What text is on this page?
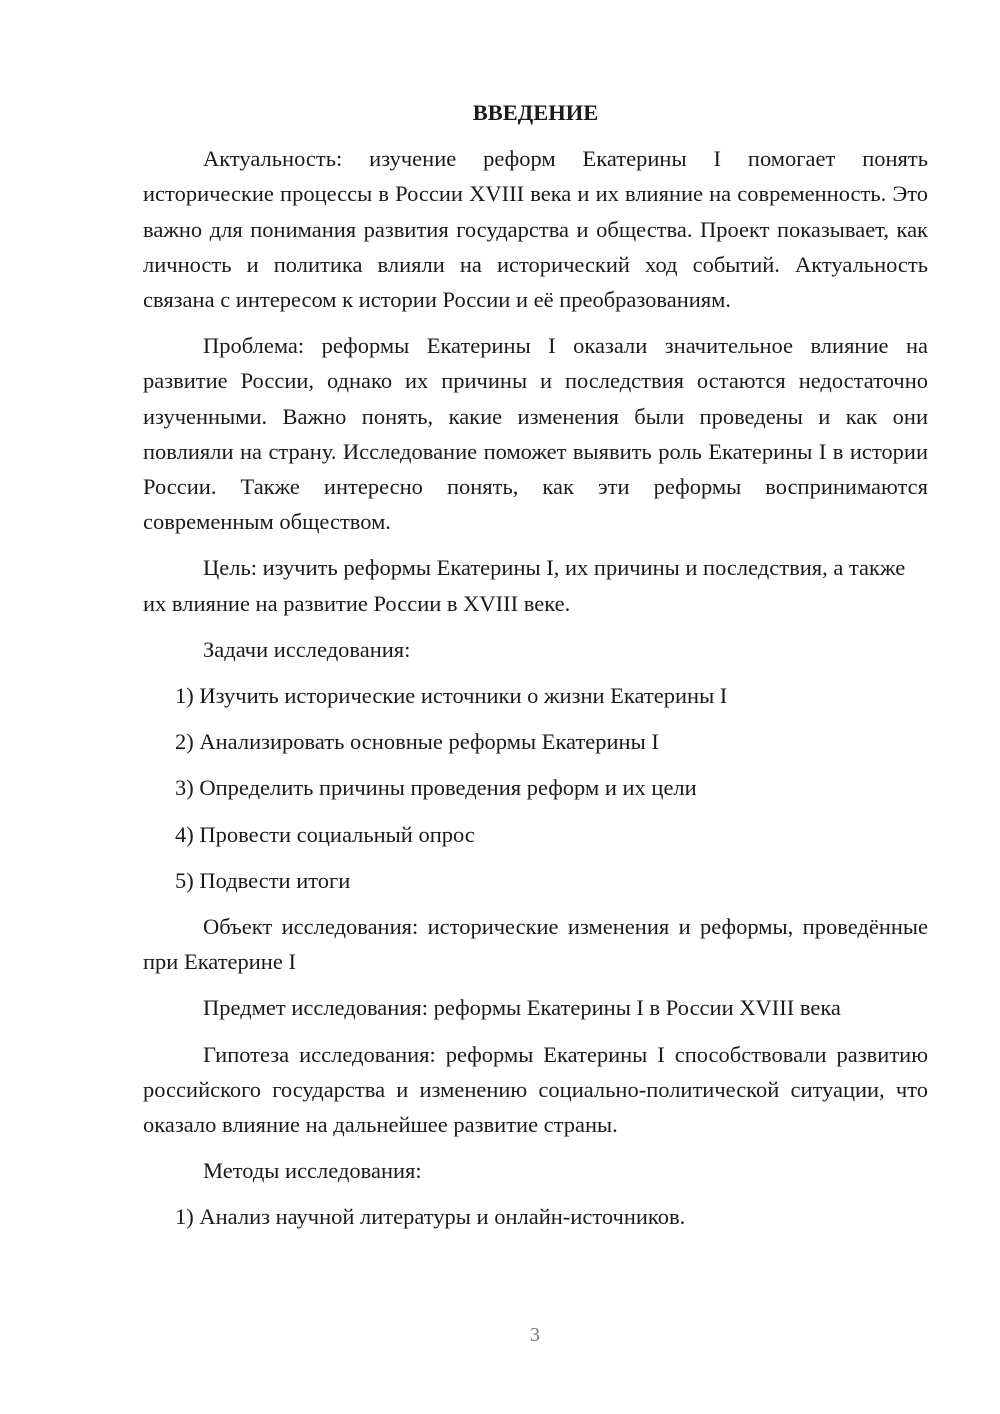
ВВЕДЕНИЕ

Актуальность: изучение реформ Екатерины I помогает понять исторические процессы в России XVIII века и их влияние на современность. Это важно для понимания развития государства и общества. Проект показывает, как личность и политика влияли на исторический ход событий. Актуальность связана с интересом к истории России и её преобразованиям.

Проблема: реформы Екатерины I оказали значительное влияние на развитие России, однако их причины и последствия остаются недостаточно изученными. Важно понять, какие изменения были проведены и как они повлияли на страну. Исследование поможет выявить роль Екатерины I в истории России. Также интересно понять, как эти реформы воспринимаются современным обществом.

Цель: изучить реформы Екатерины I, их причины и последствия, а также их влияние на развитие России в XVIII веке.

Задачи исследования:

1) Изучить исторические источники о жизни Екатерины I

2) Анализировать основные реформы Екатерины I

3) Определить причины проведения реформ и их цели

4) Провести социальный опрос

5) Подвести итоги

Объект исследования: исторические изменения и реформы, проведённые при Екатерине I

Предмет исследования: реформы Екатерины I в России XVIII века

Гипотеза исследования: реформы Екатерины I способствовали развитию российского государства и изменению социально-политической ситуации, что оказало влияние на дальнейшее развитие страны.

Методы исследования:

1) Анализ научной литературы и онлайн-источников.

3
